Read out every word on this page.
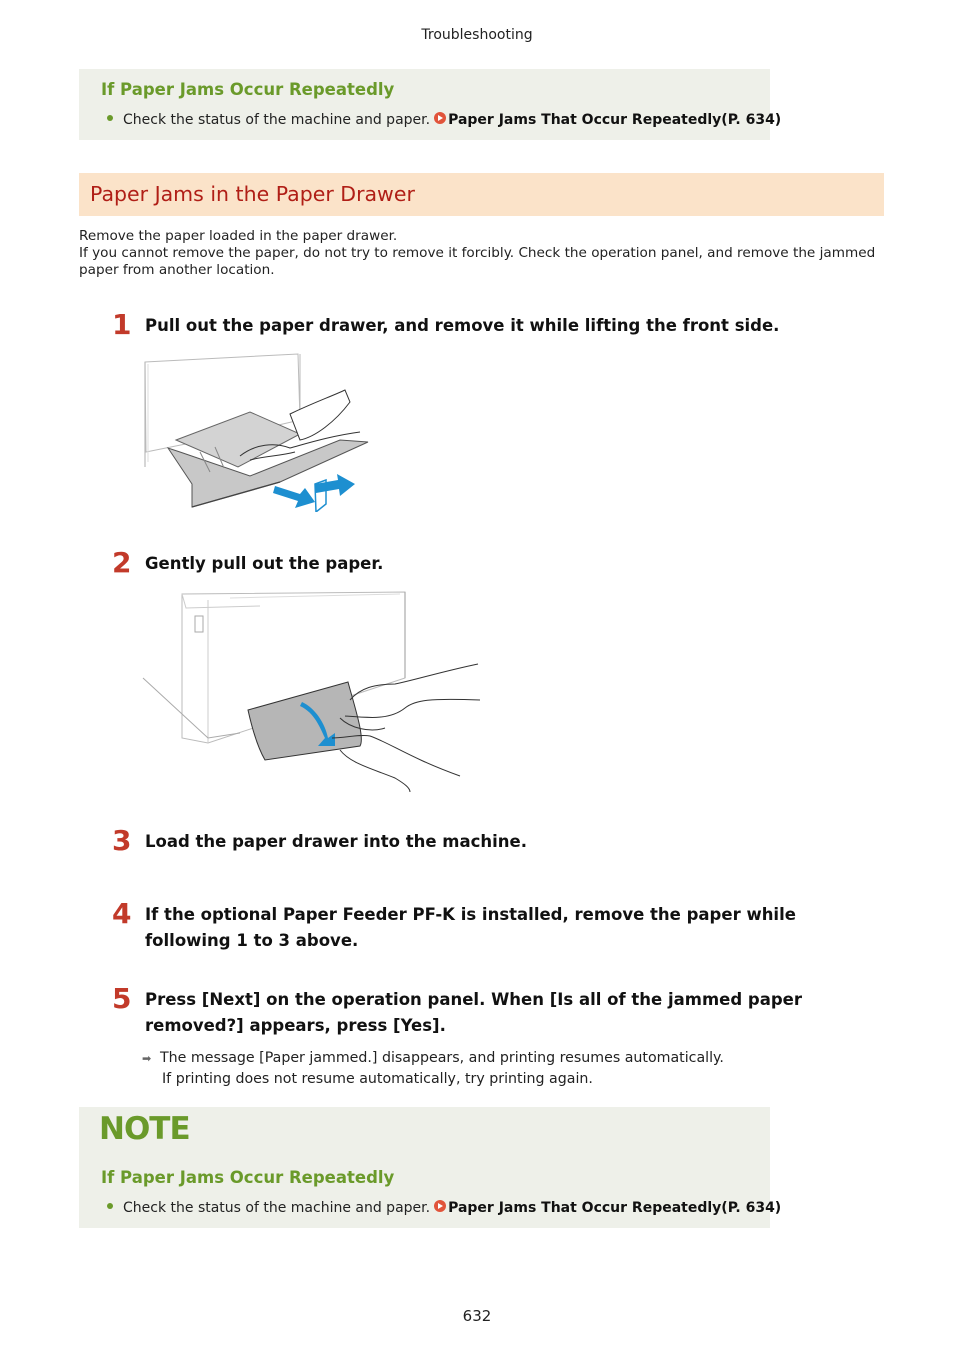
Troubleshooting
If Paper Jams Occur Repeatedly
Check the status of the machine and paper. Paper Jams That Occur Repeatedly(P. 634)
Paper Jams in the Paper Drawer
Remove the paper loaded in the paper drawer.
If you cannot remove the paper, do not try to remove it forcibly. Check the operation panel, and remove the jammed paper from another location.
1 Pull out the paper drawer, and remove it while lifting the front side.
2 Gently pull out the paper.
3 Load the paper drawer into the machine.
4 If the optional Paper Feeder PF-K is installed, remove the paper while following 1 to 3 above.
5 Press [Next] on the operation panel. When [Is all of the jammed paper removed?] appears, press [Yes].
➡ The message [Paper jammed.] disappears, and printing resumes automatically.
If printing does not resume automatically, try printing again.
NOTE
If Paper Jams Occur Repeatedly
Check the status of the machine and paper. Paper Jams That Occur Repeatedly(P. 634)
632
